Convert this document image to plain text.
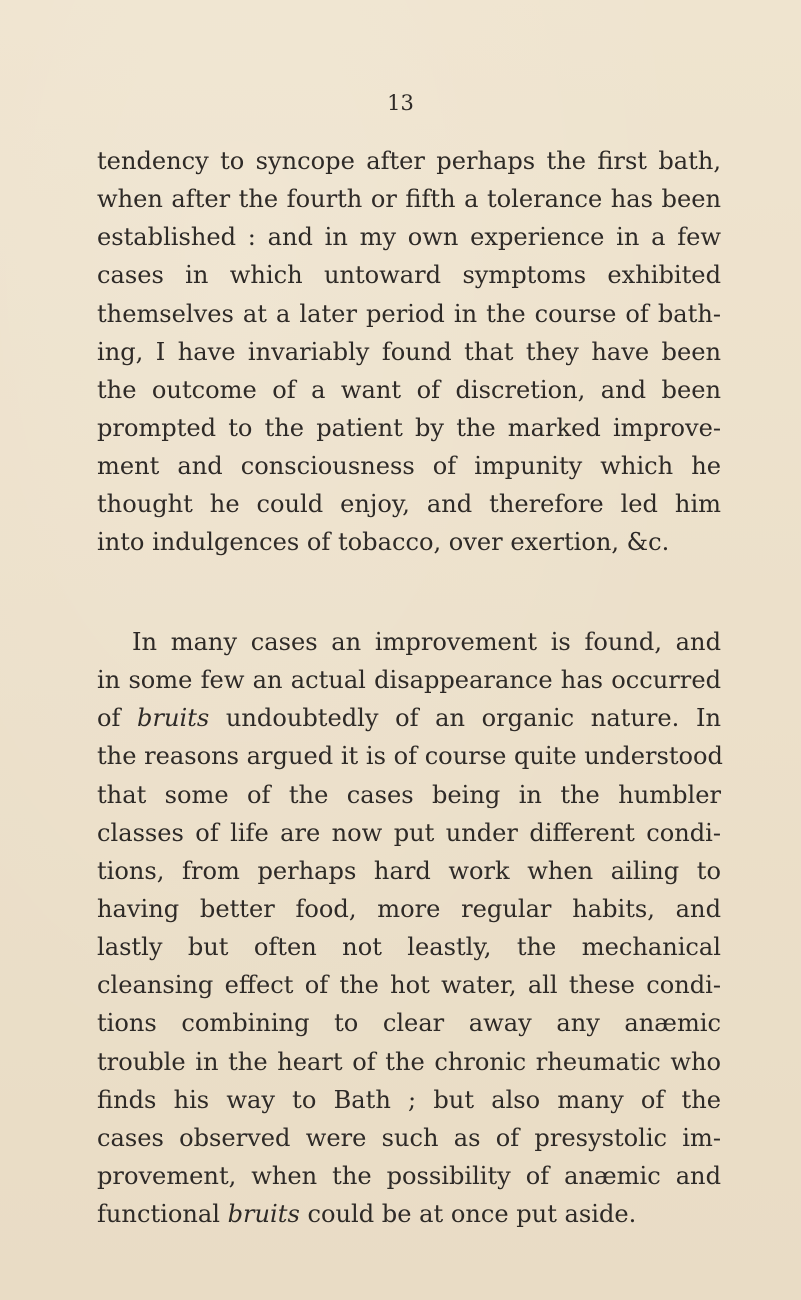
13
tendency to syncope after perhaps the first bath,
when after the fourth or fifth a tolerance has been
established : and in my own experience in a few
cases in which untoward symptoms exhibited
themselves at a later period in the course of bath-
ing, I have invariably found that they have been
the outcome of a want of discretion, and been
prompted to the patient by the marked improve-
ment and consciousness of impunity which he
thought he could enjoy, and therefore led him
into indulgences of tobacco, over exertion, &c.
In many cases an improvement is found, and
in some few an actual disappearance has occurred
of bruits undoubtedly of an organic nature. In
the reasons argued it is of course quite understood
that some of the cases being in the humbler
classes of life are now put under different condi-
tions, from perhaps hard work when ailing to
having better food, more regular habits, and
lastly but often not leastly, the mechanical
cleansing effect of the hot water, all these condi-
tions combining to clear away any anæmic
trouble in the heart of the chronic rheumatic who
finds his way to Bath ; but also many of the
cases observed were such as of presystolic im-
provement, when the possibility of anæmic and
functional bruits could be at once put aside.
